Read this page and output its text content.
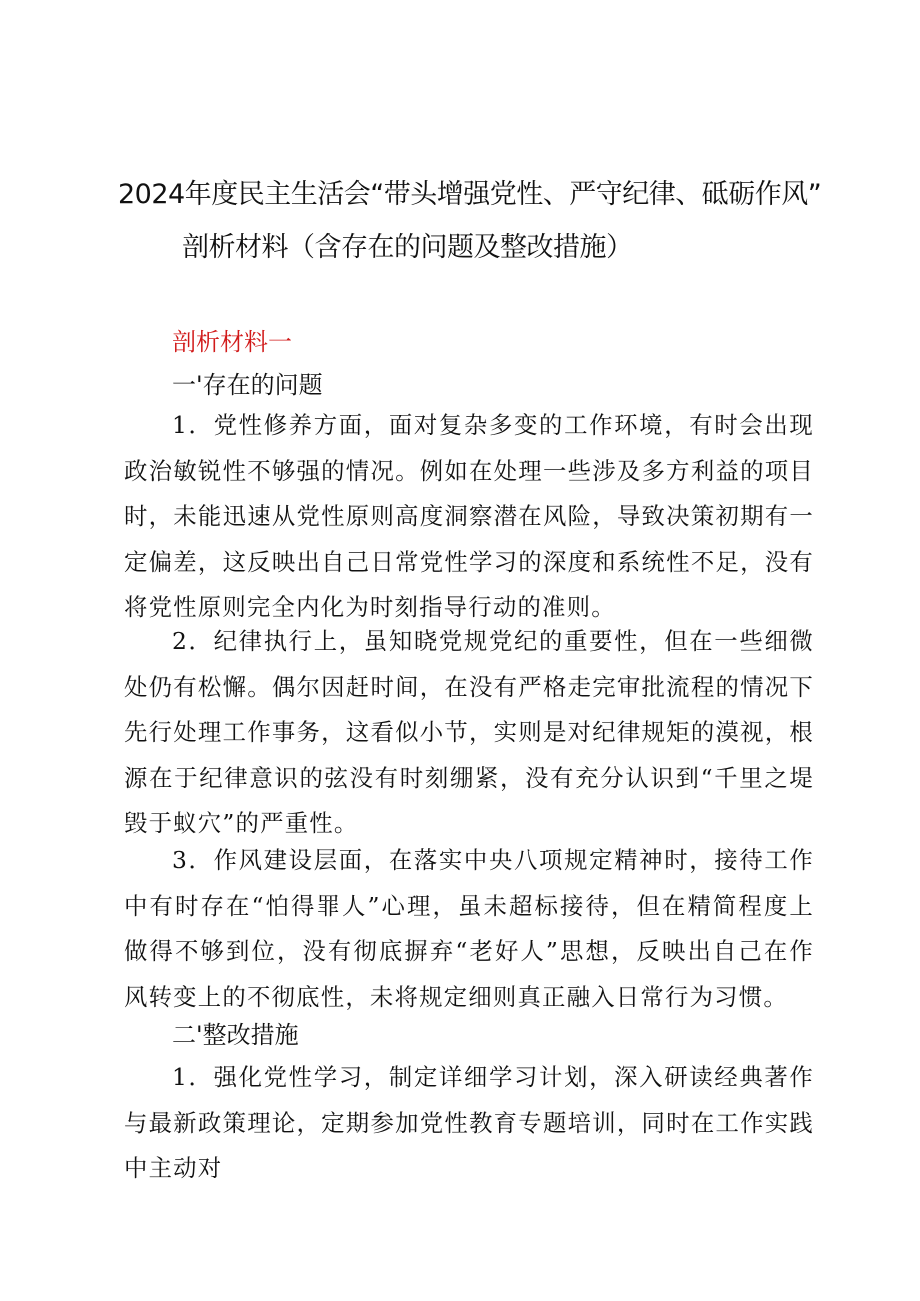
2024年度民主生活会“带头增强党性、严守纪律、砥砺作风”
剖析材料（含存在的问题及整改措施）
剖析材料一
一'存在的问题

1．党性修养方面，面对复杂多变的工作环境，有时会出现政治敏锐性不够强的情况。例如在处理一些涉及多方利益的项目时，未能迅速从党性原则高度洞察潜在风险，导致决策初期有一定偏差，这反映出自己日常党性学习的深度和系统性不足，没有将党性原则完全内化为时刻指导行动的准则。

2．纪律执行上，虽知晓党规党纪的重要性，但在一些细微处仍有松懈。偶尔因赶时间，在没有严格走完审批流程的情况下先行处理工作事务，这看似小节，实则是对纪律规矩的漠视，根源在于纪律意识的弦没有时刻绷紧，没有充分认识到“千里之堤毁于蚁穴”的严重性。

3．作风建设层面，在落实中央八项规定精神时，接待工作中有时存在“怕得罪人”心理，虽未超标接待，但在精简程度上做得不够到位，没有彻底摒弃“老好人”思想，反映出自己在作风转变上的不彻底性，未将规定细则真正融入日常行为习惯。

二'整改措施

1．强化党性学习，制定详细学习计划，深入研读经典著作与最新政策理论，定期参加党性教育专题培训，同时在工作实践中主动对
